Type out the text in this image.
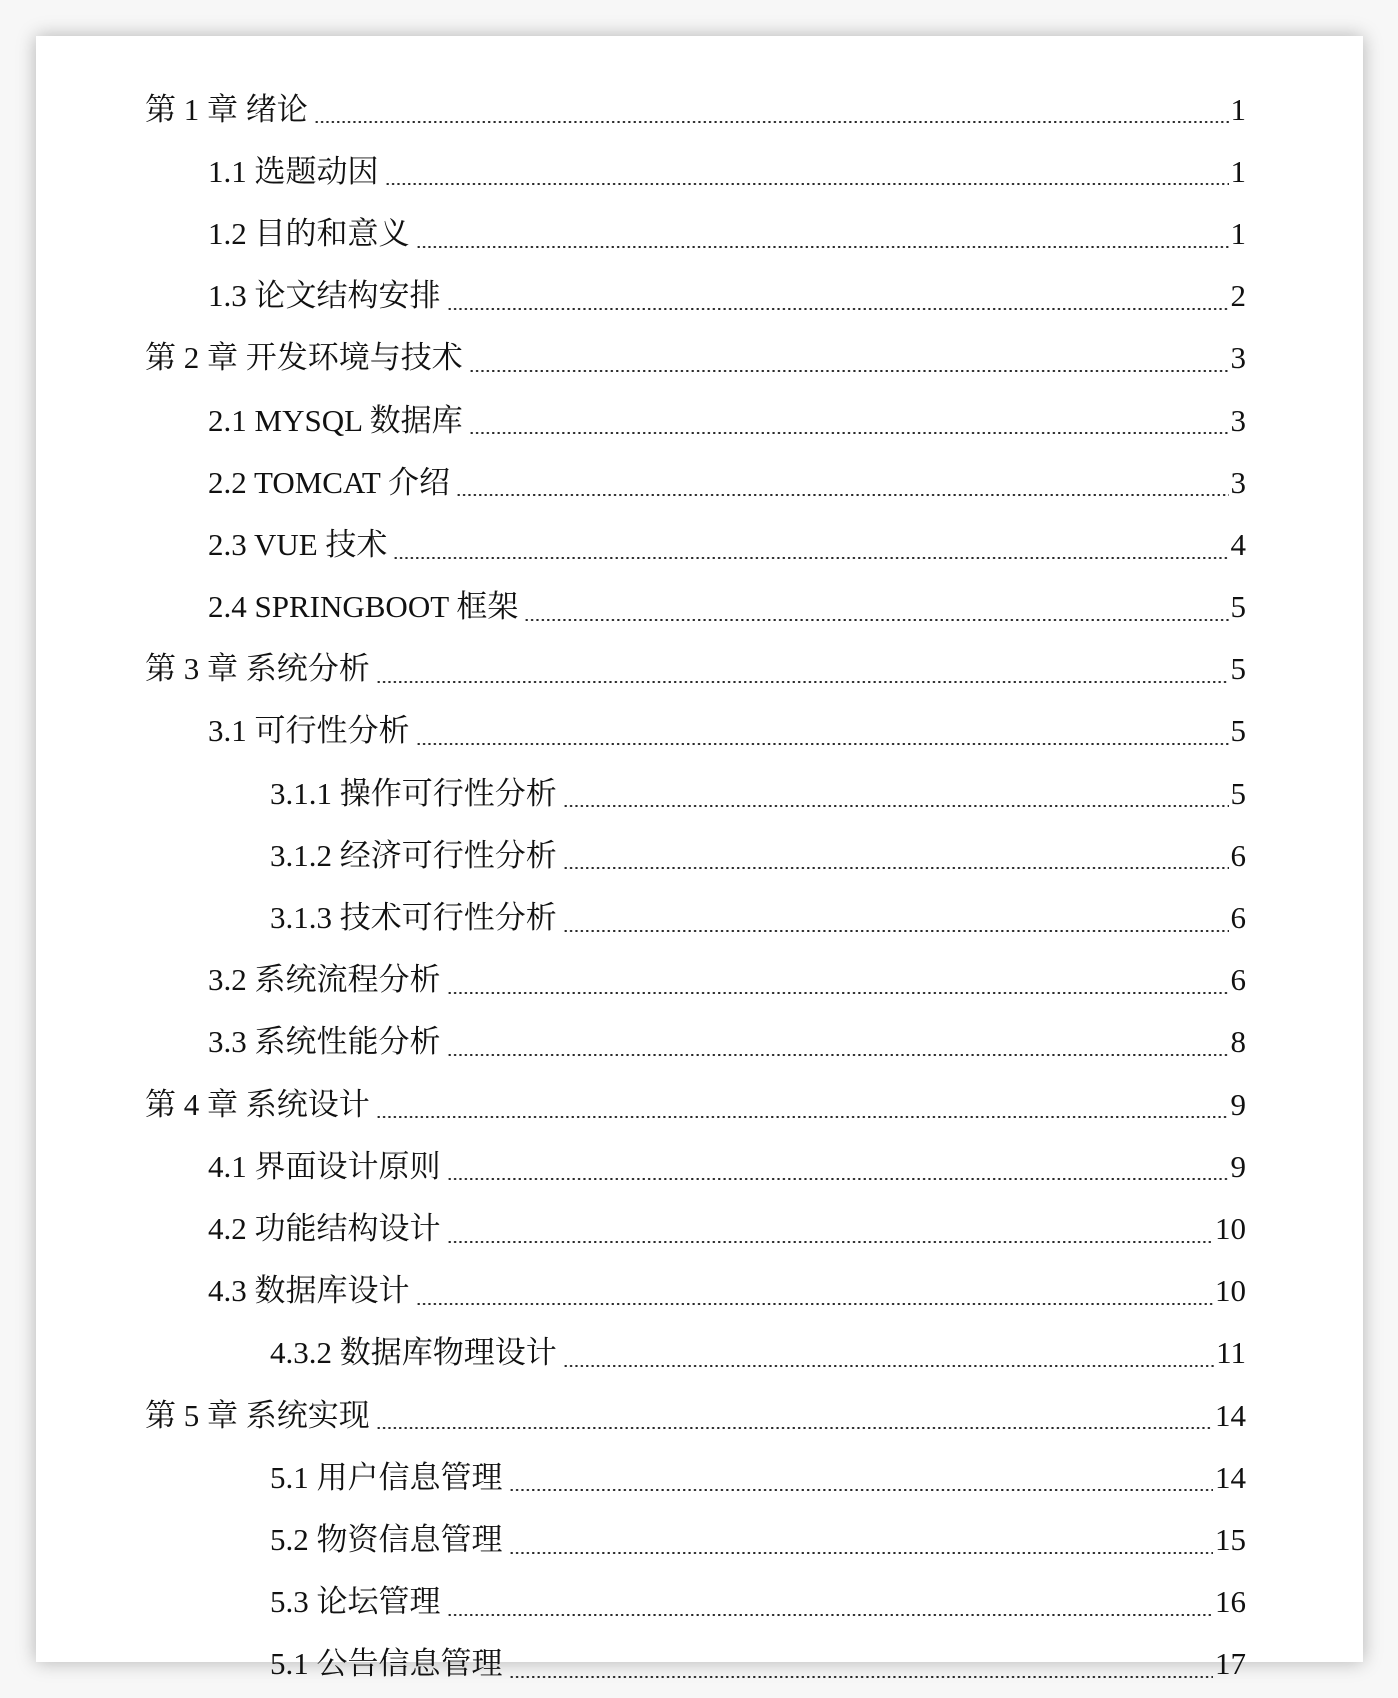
第 1 章 绪论	1
1.1 选题动因	1
1.2 目的和意义	1
1.3 论文结构安排	2
第 2 章 开发环境与技术	3
2.1 MYSQL 数据库	3
2.2 TOMCAT 介绍	3
2.3 VUE 技术	4
2.4 SPRINGBOOT 框架	5
第 3 章 系统分析	5
3.1 可行性分析	5
3.1.1 操作可行性分析	5
3.1.2 经济可行性分析	6
3.1.3 技术可行性分析	6
3.2 系统流程分析	6
3.3 系统性能分析	8
第 4 章 系统设计	9
4.1 界面设计原则	9
4.2 功能结构设计	10
4.3 数据库设计	10
4.3.2 数据库物理设计	11
第 5 章 系统实现	14
5.1 用户信息管理	14
5.2 物资信息管理	15
5.3 论坛管理	16
5.1 公告信息管理	17
